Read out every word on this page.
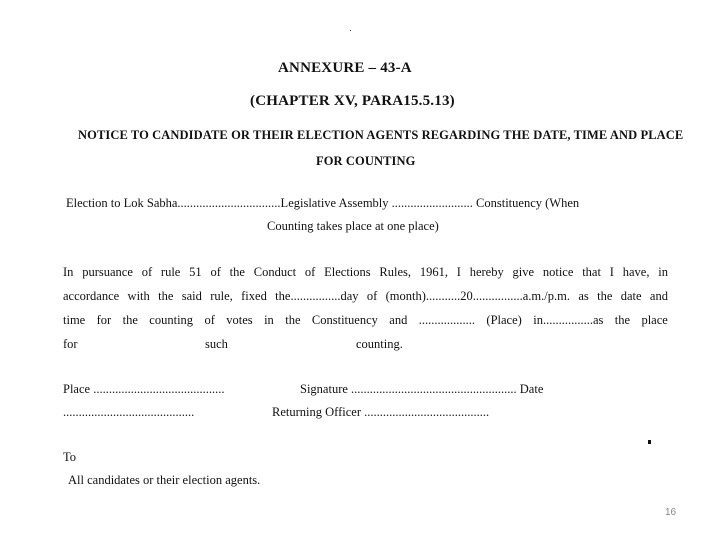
ANNEXURE – 43-A
(CHAPTER XV, PARA15.5.13)
NOTICE TO CANDIDATE OR THEIR ELECTION AGENTS REGARDING THE DATE, TIME AND PLACE
FOR COUNTING
Election to Lok Sabha.................................Legislative Assembly .......................... Constituency (When
Counting takes place at one place)
In pursuance of rule 51 of the Conduct of Elections Rules, 1961, I hereby give notice that I have, in
accordance with the said rule, fixed the................day of (month)...........20................a.m./p.m. as the date and
time for the counting of votes in the Constituency and .................. (Place) in................as the place
for	such	counting.
Place ..........................................	Signature ..................................................... Date
..........................................	Returning Officer ........................................
To
All candidates or their election agents.
16
